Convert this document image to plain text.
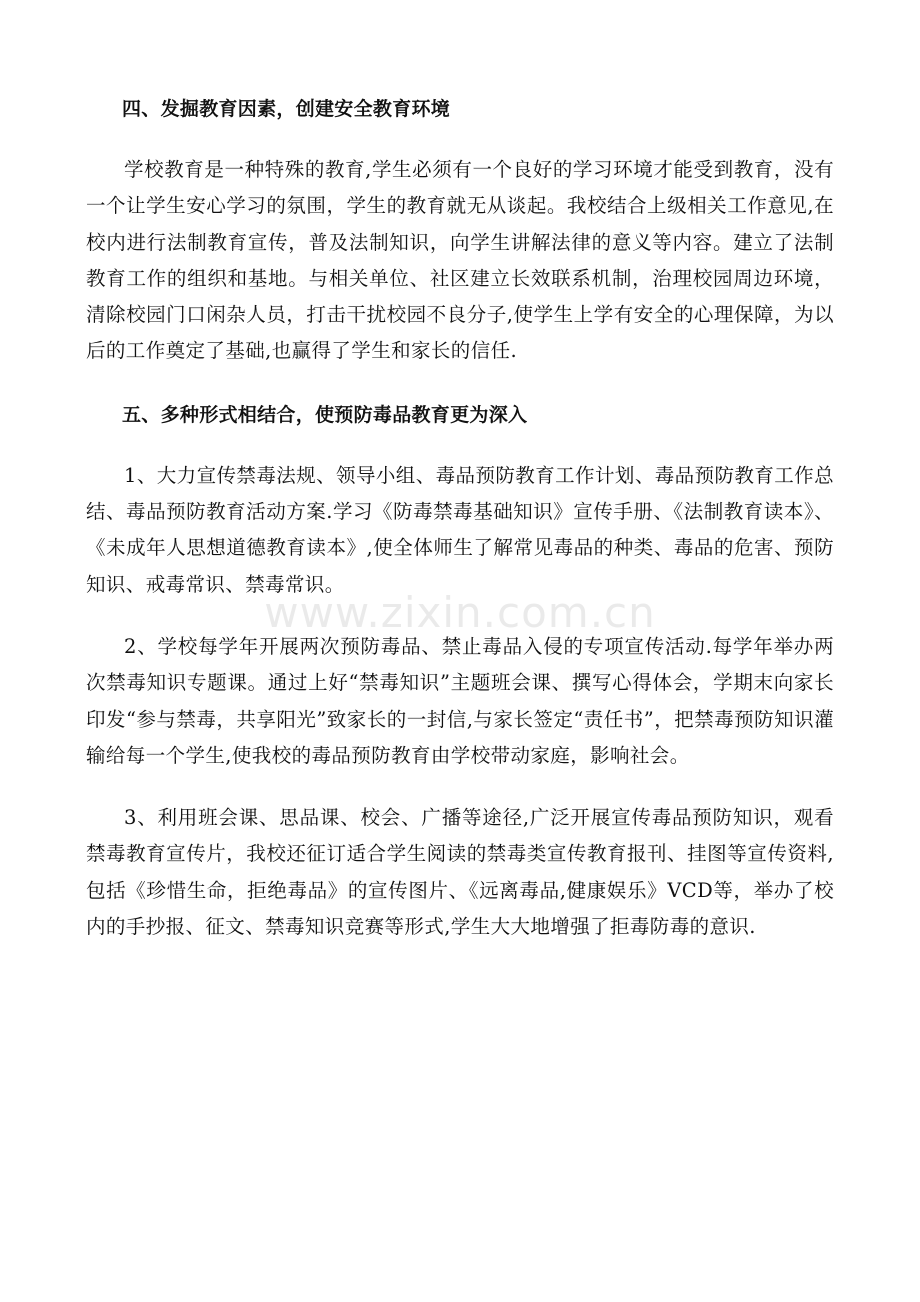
四、发掘教育因素，创建安全教育环境

学校教育是一种特殊的教育,学生必须有一个良好的学习环境才能受到教育，没有一个让学生安心学习的氛围，学生的教育就无从谈起。我校结合上级相关工作意见,在校内进行法制教育宣传，普及法制知识，向学生讲解法律的意义等内容。建立了法制教育工作的组织和基地。与相关单位、社区建立长效联系机制，治理校园周边环境，清除校园门口闲杂人员，打击干扰校园不良分子,使学生上学有安全的心理保障，为以后的工作奠定了基础,也赢得了学生和家长的信任.

五、多种形式相结合，使预防毒品教育更为深入

1、大力宣传禁毒法规、领导小组、毒品预防教育工作计划、毒品预防教育工作总结、毒品预防教育活动方案.学习《防毒禁毒基础知识》宣传手册、《法制教育读本》、《未成年人思想道德教育读本》,使全体师生了解常见毒品的种类、毒品的危害、预防知识、戒毒常识、禁毒常识。

2、学校每学年开展两次预防毒品、禁止毒品入侵的专项宣传活动.每学年举办两次禁毒知识专题课。通过上好“禁毒知识”主题班会课、撰写心得体会，学期末向家长印发“参与禁毒，共享阳光”致家长的一封信,与家长签定“责任书”，把禁毒预防知识灌输给每一个学生,使我校的毒品预防教育由学校带动家庭，影响社会。

3、利用班会课、思品课、校会、广播等途径,广泛开展宣传毒品预防知识，观看禁毒教育宣传片，我校还征订适合学生阅读的禁毒类宣传教育报刊、挂图等宣传资料,包括《珍惜生命，拒绝毒品》的宣传图片、《远离毒品,健康娱乐》VCD等，举办了校内的手抄报、征文、禁毒知识竞赛等形式,学生大大地增强了拒毒防毒的意识.

www.zixin.com.cn
